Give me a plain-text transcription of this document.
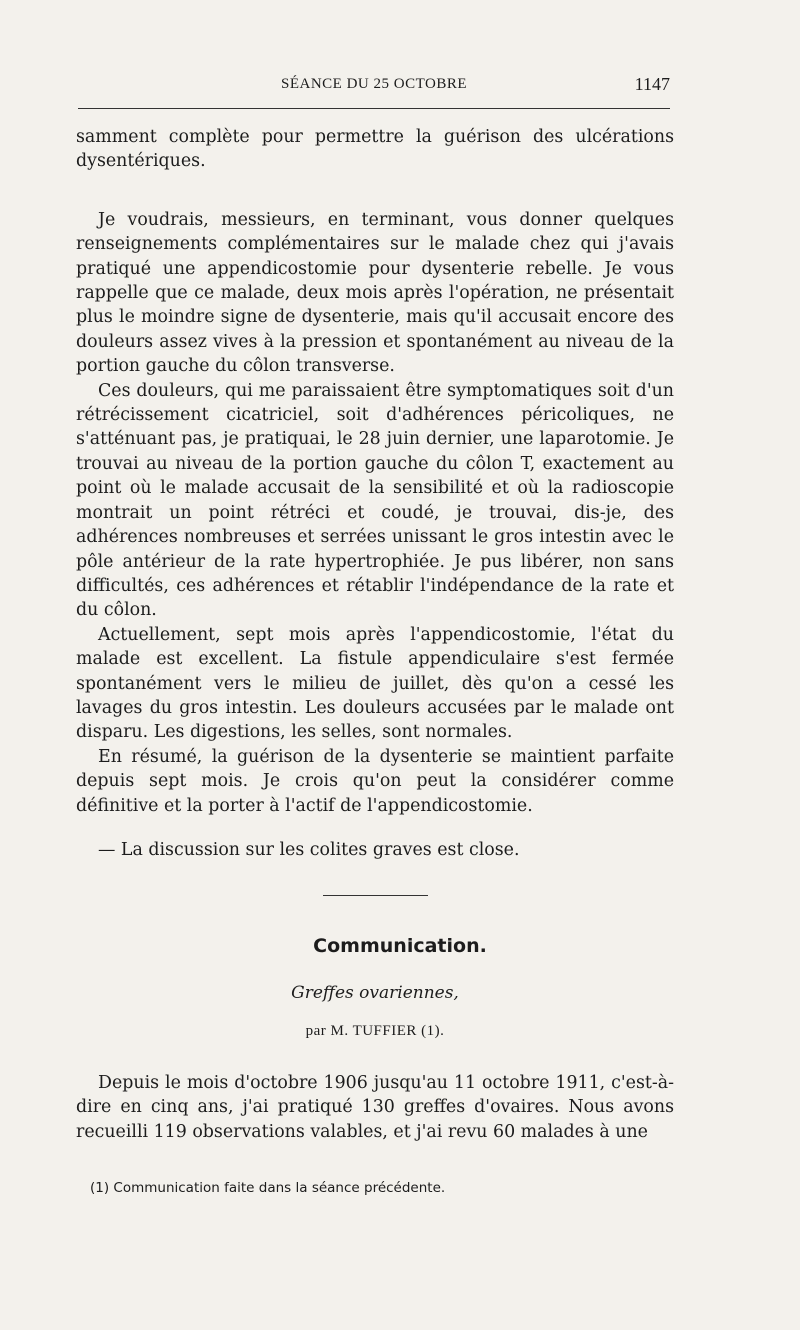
SÉANCE DU 25 OCTOBRE	1147

samment complète pour permettre la guérison des ulcérations dysentériques.

Je voudrais, messieurs, en terminant, vous donner quelques renseignements complémentaires sur le malade chez qui j'avais pratiqué une appendicostomie pour dysenterie rebelle. Je vous rappelle que ce malade, deux mois après l'opération, ne présentait plus le moindre signe de dysenterie, mais qu'il accusait encore des douleurs assez vives à la pression et spontanément au niveau de la portion gauche du côlon transverse.

Ces douleurs, qui me paraissaient être symptomatiques soit d'un rétrécissement cicatriciel, soit d'adhérences péricoliques, ne s'atténuant pas, je pratiquai, le 28 juin dernier, une laparotomie. Je trouvai au niveau de la portion gauche du côlon T, exactement au point où le malade accusait de la sensibilité et où la radioscopie montrait un point rétréci et coudé, je trouvai, dis-je, des adhérences nombreuses et serrées unissant le gros intestin avec le pôle antérieur de la rate hypertrophiée. Je pus libérer, non sans difficultés, ces adhérences et rétablir l'indépendance de la rate et du côlon.

Actuellement, sept mois après l'appendicostomie, l'état du malade est excellent. La fistule appendiculaire s'est fermée spontanément vers le milieu de juillet, dès qu'on a cessé les lavages du gros intestin. Les douleurs accusées par le malade ont disparu. Les digestions, les selles, sont normales.

En résumé, la guérison de la dysenterie se maintient parfaite depuis sept mois. Je crois qu'on peut la considérer comme définitive et la porter à l'actif de l'appendicostomie.

— La discussion sur les colites graves est close.

Communication.
Greffes ovariennes,
par M. TUFFIER (1).

Depuis le mois d'octobre 1906 jusqu'au 11 octobre 1911, c'est-à-dire en cinq ans, j'ai pratiqué 130 greffes d'ovaires. Nous avons recueilli 119 observations valables, et j'ai revu 60 malades à une

(1) Communication faite dans la séance précédente.
